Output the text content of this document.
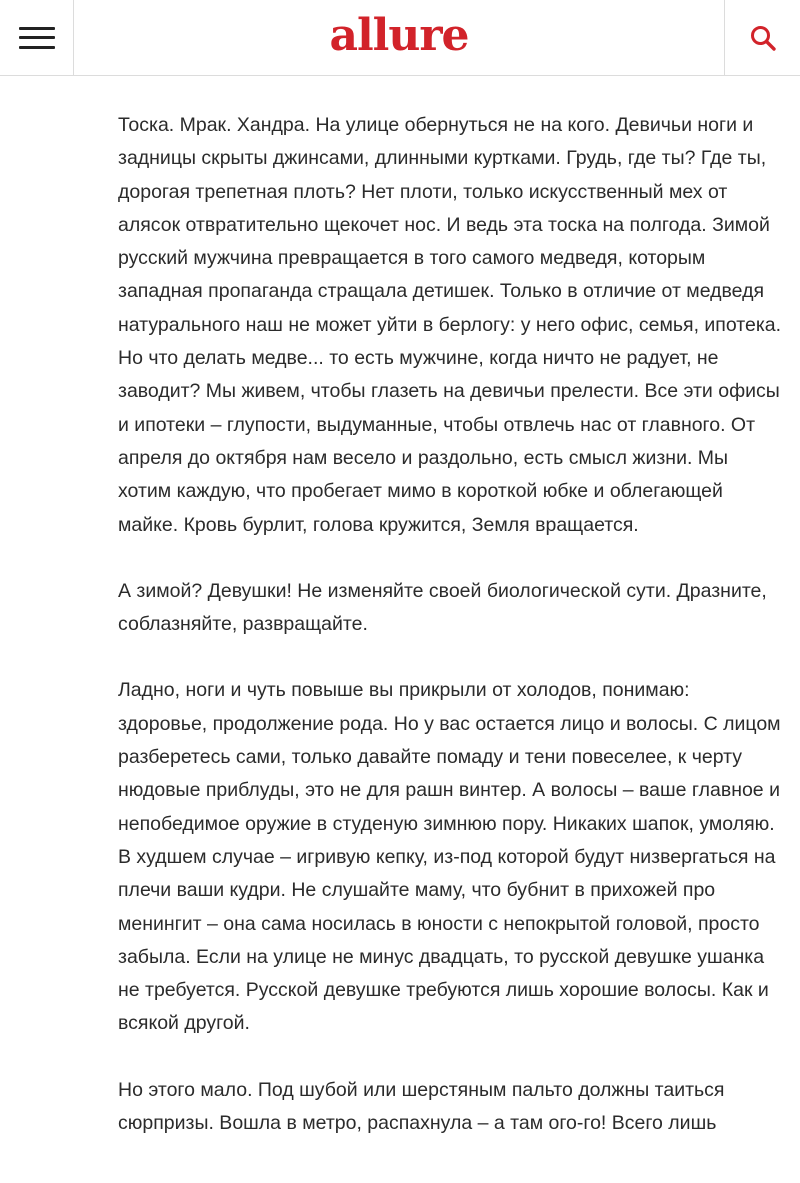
allure

Тоска. Мрак. Хандра. На улице обернуться не на кого. Девичьи ноги и задницы скрыты джинсами, длинными куртками. Грудь, где ты? Где ты, дорогая трепетная плоть? Нет плоти, только искусственный мех от алясок отвратительно щекочет нос. И ведь эта тоска на полгода. Зимой русский мужчина превращается в того самого медведя, которым западная пропаганда стращала детишек. Только в отличие от медведя натурального наш не может уйти в берлогу: у него офис, семья, ипотека. Но что делать медве... то есть мужчине, когда ничто не радует, не заводит? Мы живем, чтобы глазеть на девичьи прелести. Все эти офисы и ипотеки – глупости, выдуманные, чтобы отвлечь нас от главного. От апреля до октября нам весело и раздольно, есть смысл жизни. Мы хотим каждую, что пробегает мимо в короткой юбке и облегающей майке. Кровь бурлит, голова кружится, Земля вращается.

А зимой? Девушки! Не изменяйте своей биологической сути. Дразните, соблазняйте, развращайте.

Ладно, ноги и чуть повыше вы прикрыли от холодов, понимаю: здоровье, продолжение рода. Но у вас остается лицо и волосы. С лицом разберетесь сами, только давайте помаду и тени повеселее, к черту нюдовые приблуды, это не для рашн винтер. А волосы – ваше главное и непобедимое оружие в студеную зимнюю пору. Никаких шапок, умоляю. В худшем случае – игривую кепку, из-под которой будут низвергаться на плечи ваши кудри. Не слушайте маму, что бубнит в прихожей про менингит – она сама носилась в юности с непокрытой головой, просто забыла. Если на улице не минус двадцать, то русской девушке ушанка не требуется. Русской девушке требуются лишь хорошие волосы. Как и всякой другой.

Но этого мало. Под шубой или шерстяным пальто должны таиться сюрпризы. Вошла в метро, распахнула – а там ого-го! Всего лишь
